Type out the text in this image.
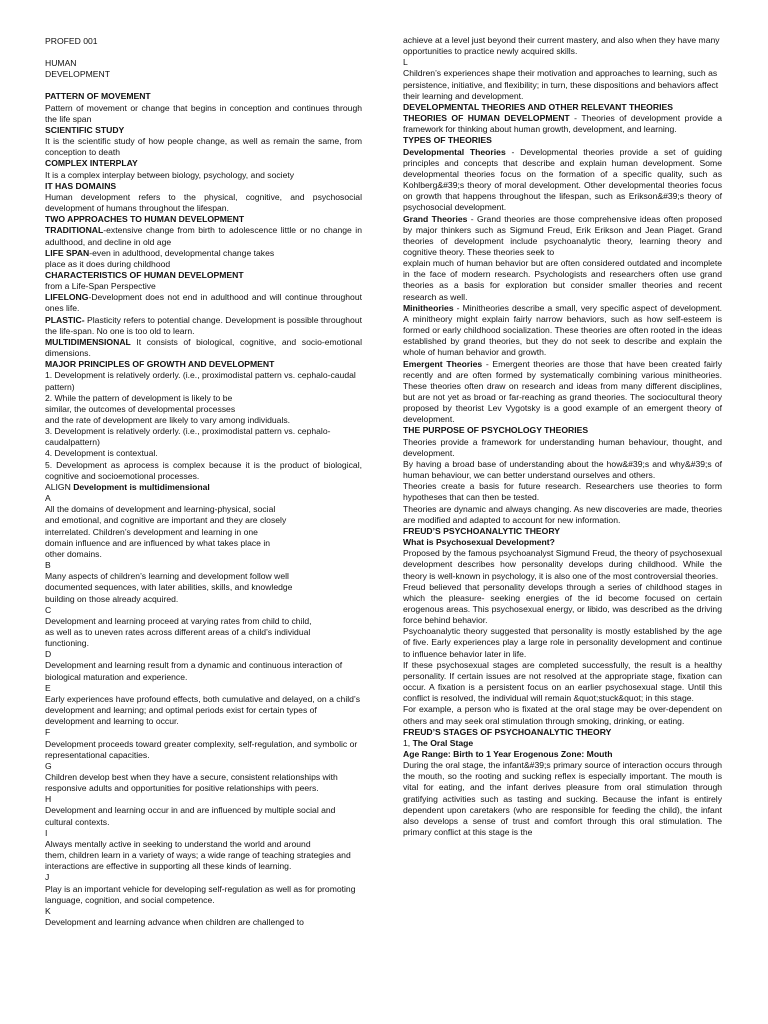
PROFED 001

HUMAN

DEVELOPMENT

PATTERN OF MOVEMENT

Pattern of movement or change that begins in conception and continues through the life span

SCIENTIFIC STUDY

It is the scientific study of how people change, as well as remain the same, from conception to death

COMPLEX INTERPLAY

It is a complex interplay between biology, psychology, and society

IT HAS DOMAINS

Human development refers to the physical, cognitive, and psychosocial development of humans throughout the lifespan.

TWO APPROACHES TO HUMAN DEVELOPMENT

TRADITIONAL-extensive change from birth to adolescence little or no change in adulthood, and decline in old age

LIFE SPAN-even in adulthood, developmental change takes

place as it does during childhood

CHARACTERISTICS OF HUMAN DEVELOPMENT

from a Life-Span Perspective

LIFELONG-Development does not end in adulthood and will continue throughout ones life.

PLASTIC- Plasticity refers to potential change. Development is possible throughout the life-span. No one is too old to learn.

MULTIDIMENSIONAL It consists of biological, cognitive, and socio-emotional dimensions.

MAJOR PRINCIPLES OF GROWTH AND DEVELOPMENT

1. Development is relatively orderly. (i.e., proximodistal pattern vs. cephalo-caudal pattern)

2. While the pattern of development is likely to be

similar, the outcomes of developmental processes

and the rate of development are likely to vary among individuals.

3. Development is relatively orderly. (i.e., proximodistal pattern vs. cephalo-caudalpattern)

4. Development is contextual.

5. Development as aprocess is complex because it is the product of biological, cognitive and socioemotional processes.

ALIGN Development is multidimensional

A

All the domains of development and learning-physical, social

and emotional, and cognitive are important and they are closely

interrelated. Children’s development and learning in one

domain influence and are influenced by what takes place in

other domains.

B

Many aspects of children’s learning and development follow well

documented sequences, with later abilities, skills, and knowledge

building on those already acquired.

C

Development and learning proceed at varying rates from child to child,

as well as to uneven rates across different areas of a child’s individual

functioning.

D

Development and learning result from a dynamic and continuous interaction of biological maturation and experience.

E

Early experiences have profound effects, both cumulative and delayed, on a child’s development and learning; and optimal periods exist for certain types of development and learning to occur.

F

Development proceeds toward greater complexity, self-regulation, and symbolic or representational capacities.

G

Children develop best when they have a secure, consistent relationships with responsive adults and opportunities for positive relationships with peers.

H

Development and learning occur in and are influenced by multiple social and cultural contexts.

I

Always mentally active in seeking to understand the world and around

them, children learn in a variety of ways; a wide range of teaching strategies and interactions are effective in supporting all these kinds of learning.

J

Play is an important vehicle for developing self-regulation as well as for promoting language, cognition, and social competence.

K

Development and learning advance when children are challenged to

achieve at a level just beyond their current mastery, and also when they have many opportunities to practice newly acquired skills.

L

Children’s experiences shape their motivation and approaches to learning, such as persistence, initiative, and flexibility; in turn, these dispositions and behaviors affect their learning and development.

DEVELOPMENTAL THEORIES AND OTHER RELEVANT THEORIES

THEORIES OF HUMAN DEVELOPMENT - Theories of development provide a framework for thinking about human growth, development, and learning.

TYPES OF THEORIES

Developmental Theories - Developmental theories provide a set of guiding principles and concepts that describe and explain human development. Some developmental theories focus on the formation of a specific quality, such as Kohlberg&#39;s theory of moral development. Other developmental theories focus on growth that happens throughout the lifespan, such as Erikson&#39;s theory of psychosocial development.

Grand Theories - Grand theories are those comprehensive ideas often proposed by major thinkers such as Sigmund Freud, Erik Erikson and Jean Piaget. Grand theories of development include psychoanalytic theory, learning theory and cognitive theory. These theories seek to

explain much of human behavior but are often considered outdated and incomplete in the face of modern research. Psychologists and researchers often use grand theories as a basis for exploration but consider smaller theories and recent research as well.

Minitheories - Minitheories describe a small, very specific aspect of development. A minitheory might explain fairly narrow behaviors, such as how self-esteem is formed or early childhood socialization. These theories are often rooted in the ideas established by grand theories, but they do not seek to describe and explain the whole of human behavior and growth.

Emergent Theories - Emergent theories are those that have been created fairly recently and are often formed by systematically combining various minitheories. These theories often draw on research and ideas from many different disciplines, but are not yet as broad or far-reaching as grand theories. The sociocultural theory proposed by theorist Lev Vygotsky is a good example of an emergent theory of development.

THE PURPOSE OF PSYCHOLOGY THEORIES

Theories provide a framework for understanding human behaviour, thought, and development.

By having a broad base of understanding about the how&#39;s and why&#39;s of human behaviour, we can better understand ourselves and others.

Theories create a basis for future research. Researchers use theories to form hypotheses that can then be tested.

Theories are dynamic and always changing. As new discoveries are made, theories are modified and adapted to account for new information.

FREUD’S PSYCHOANALYTIC THEORY

What is Psychosexual Development?

Proposed by the famous psychoanalyst Sigmund Freud, the theory of psychosexual development describes how personality develops during childhood. While the theory is well-known in psychology, it is also one of the most controversial theories.

Freud believed that personality develops through a series of childhood stages in which the pleasure- seeking energies of the id become focused on certain erogenous areas. This psychosexual energy, or libido, was described as the driving force behind behavior.

Psychoanalytic theory suggested that personality is mostly established by the age of five. Early experiences play a large role in personality development and continue to influence behavior later in life.

If these psychosexual stages are completed successfully, the result is a healthy personality. If certain issues are not resolved at the appropriate stage, fixation can occur. A fixation is a persistent focus on an earlier psychosexual stage. Until this conflict is resolved, the individual will remain &quot;stuck&quot; in this stage.

For example, a person who is fixated at the oral stage may be over-dependent on others and may seek oral stimulation through smoking, drinking, or eating.

FREUD’S STAGES OF PSYCHOANALYTIC THEORY

1, The Oral Stage

Age Range: Birth to 1 Year Erogenous Zone: Mouth

During the oral stage, the infant&#39;s primary source of interaction occurs through the mouth, so the rooting and sucking reflex is especially important. The mouth is vital for eating, and the infant derives pleasure from oral stimulation through gratifying activities such as tasting and sucking. Because the infant is entirely dependent upon caretakers (who are responsible for feeding the child), the infant also develops a sense of trust and comfort through this oral stimulation. The primary conflict at this stage is the
